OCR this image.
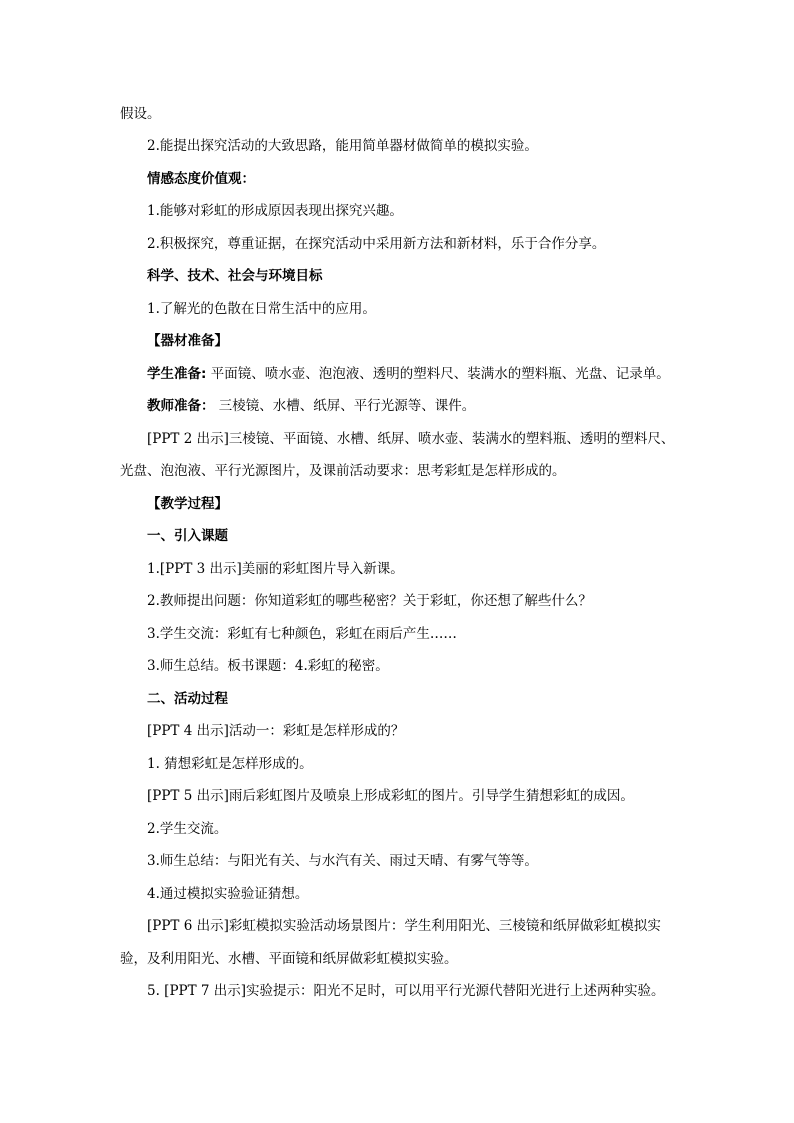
假设。
2.能提出探究活动的大致思路，能用简单器材做简单的模拟实验。
情感态度价值观：
1.能够对彩虹的形成原因表现出探究兴趣。
2.积极探究，尊重证据，在探究活动中采用新方法和新材料，乐于合作分享。
科学、技术、社会与环境目标
1.了解光的色散在日常生活中的应用。
【器材准备】
学生准备: 平面镜、喷水壶、泡泡液、透明的塑料尺、装满水的塑料瓶、光盘、记录单。
教师准备： 三棱镜、水槽、纸屏、平行光源等、课件。
[PPT 2 出示]三棱镜、平面镜、水槽、纸屏、喷水壶、装满水的塑料瓶、透明的塑料尺、
光盘、泡泡液、平行光源图片，及课前活动要求：思考彩虹是怎样形成的。
【教学过程】
一、引入课题
1.[PPT 3 出示]美丽的彩虹图片导入新课。
2.教师提出问题：你知道彩虹的哪些秘密？关于彩虹，你还想了解些什么？
3.学生交流：彩虹有七种颜色，彩虹在雨后产生……
3.师生总结。板书课题：4.彩虹的秘密。
二、活动过程
[PPT 4 出示]活动一：彩虹是怎样形成的？
1. 猜想彩虹是怎样形成的。
[PPT 5 出示]雨后彩虹图片及喷泉上形成彩虹的图片。引导学生猜想彩虹的成因。
2.学生交流。
3.师生总结：与阳光有关、与水汽有关、雨过天晴、有雾气等等。
4.通过模拟实验验证猜想。
[PPT 6 出示]彩虹模拟实验活动场景图片：学生利用阳光、三棱镜和纸屏做彩虹模拟实
验，及利用阳光、水槽、平面镜和纸屏做彩虹模拟实验。
5. [PPT 7 出示]实验提示：阳光不足时，可以用平行光源代替阳光进行上述两种实验。
